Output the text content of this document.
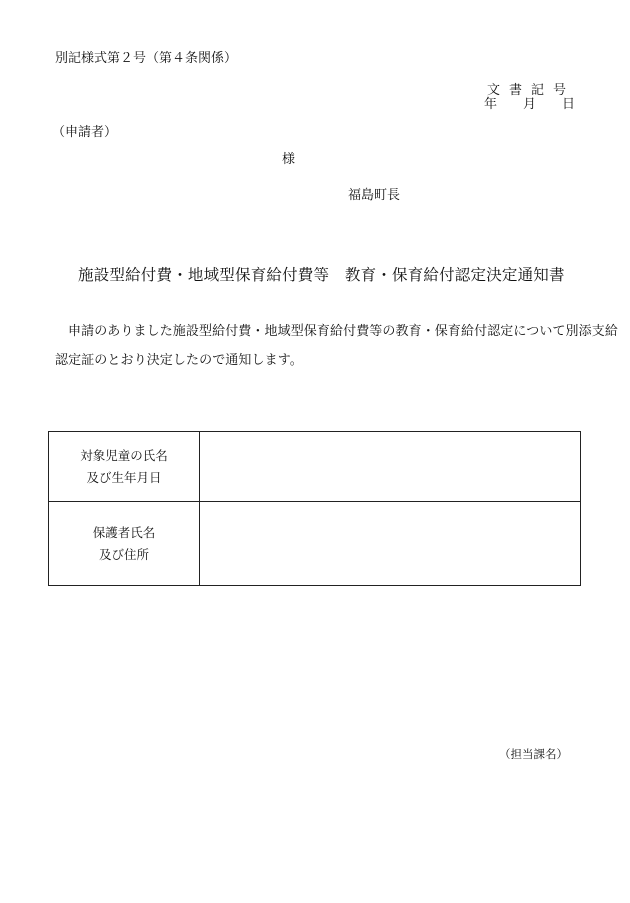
別記様式第２号（第４条関係）
文書記号
年 月 日
（申請者）
様
福島町長
施設型給付費・地域型保育給付費等　教育・保育給付認定決定通知書
申請のありました施設型給付費・地域型保育給付費等の教育・保育給付認定について別添支給
認定証のとおり決定したので通知します。
対象児童の氏名
及び生年月日	

保護者氏名
及び住所	

（担当課名）
